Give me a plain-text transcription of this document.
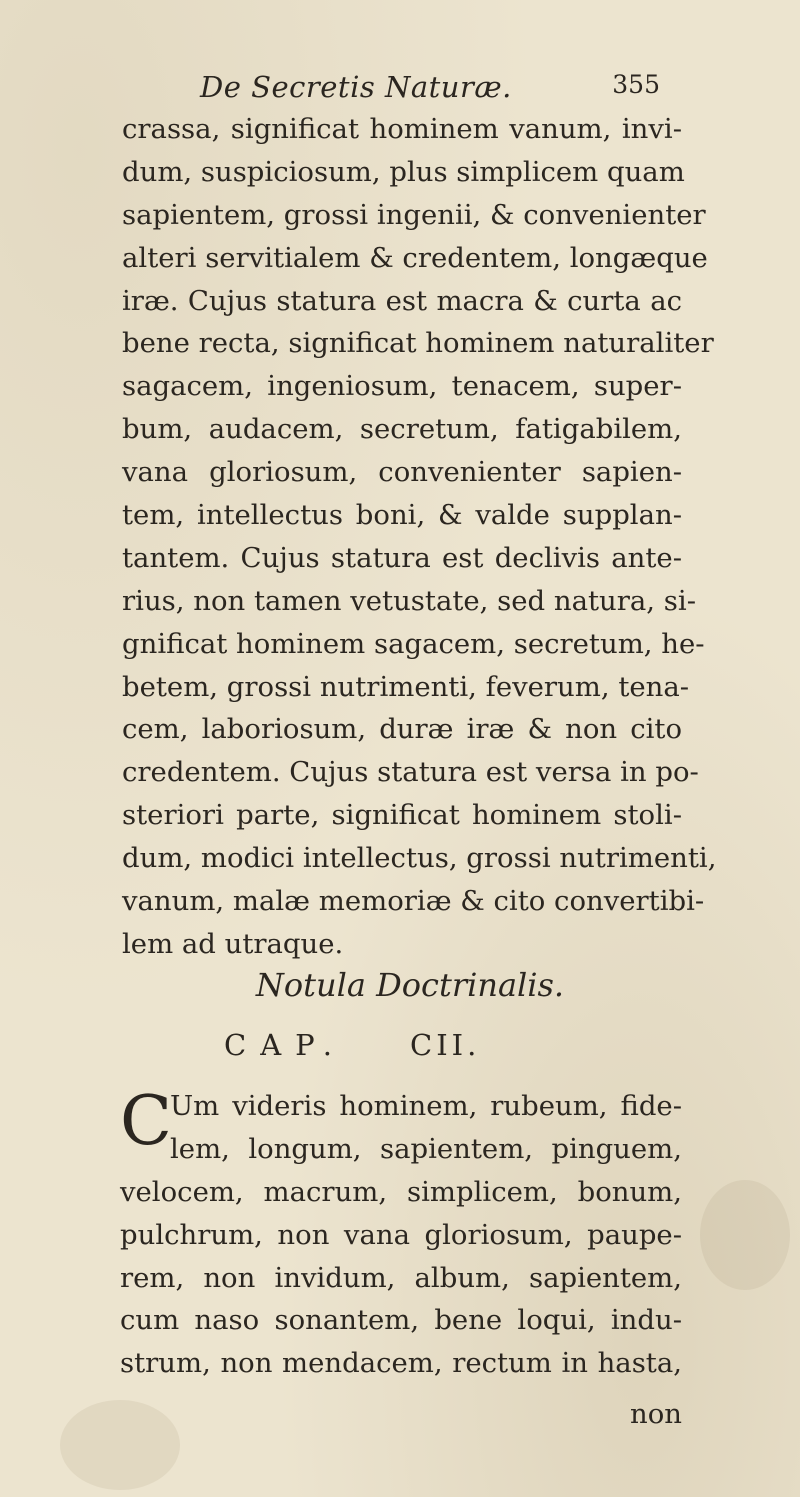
De Secretis Naturæ.	355
crassa, significat hominem vanum, invi-
dum, suspiciosum, plus simplicem quam
sapientem, grossi ingenii, & convenienter
alteri servitialem & credentem, longæque
iræ. Cujus statura est macra & curta ac
bene recta, significat hominem naturaliter
sagacem, ingeniosum, tenacem, super-
bum, audacem, secretum, fatigabilem,
vana gloriosum, convenienter sapien-
tem, intellectus boni, & valde supplan-
tantem. Cujus statura est declivis ante-
rius, non tamen vetustate, sed natura, si-
gnificat hominem sagacem, secretum, he-
betem, grossi nutrimenti, feverum, tena-
cem, laboriosum, duræ iræ & non cito
credentem. Cujus statura est versa in po-
steriori parte, significat hominem stoli-
dum, modici intellectus, grossi nutrimenti,
vanum, malæ memoriæ & cito convertibi-
lem ad utraque.
Notula Doctrinalis.
CAP. CII.
C
Um videris hominem, rubeum, fide-
lem, longum, sapientem, pinguem,
velocem, macrum, simplicem, bonum,
pulchrum, non vana gloriosum, paupe-
rem, non invidum, album, sapientem,
cum naso sonantem, bene loqui, indu-
strum, non mendacem, rectum in hasta,
non
